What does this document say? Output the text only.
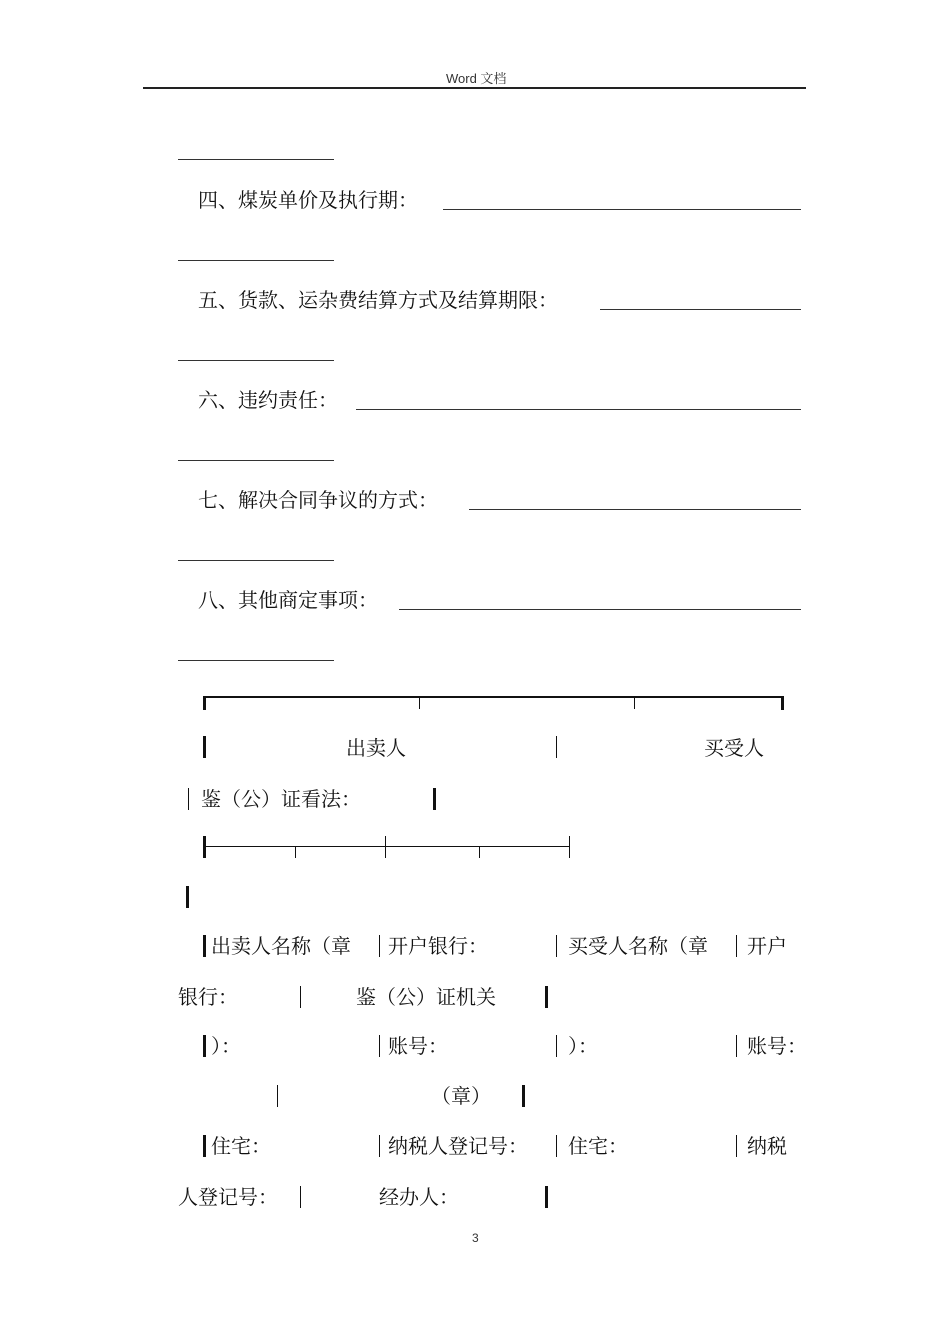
Word 文档
四、煤炭单价及执行期：
五、货款、运杂费结算方式及结算期限：
六、违约责任：
七、解决合同争议的方式：
八、其他商定事项：
出卖人	买受人
鉴（公）证看法：
出卖人名称（章 开户银行：	买受人名称（章 开户
银行：	鉴（公）证机关
）：	账号：	）：	账号：
（章）
住宅：	纳税人登记号： 住宅：	纳税
人登记号：	经办人：
3
